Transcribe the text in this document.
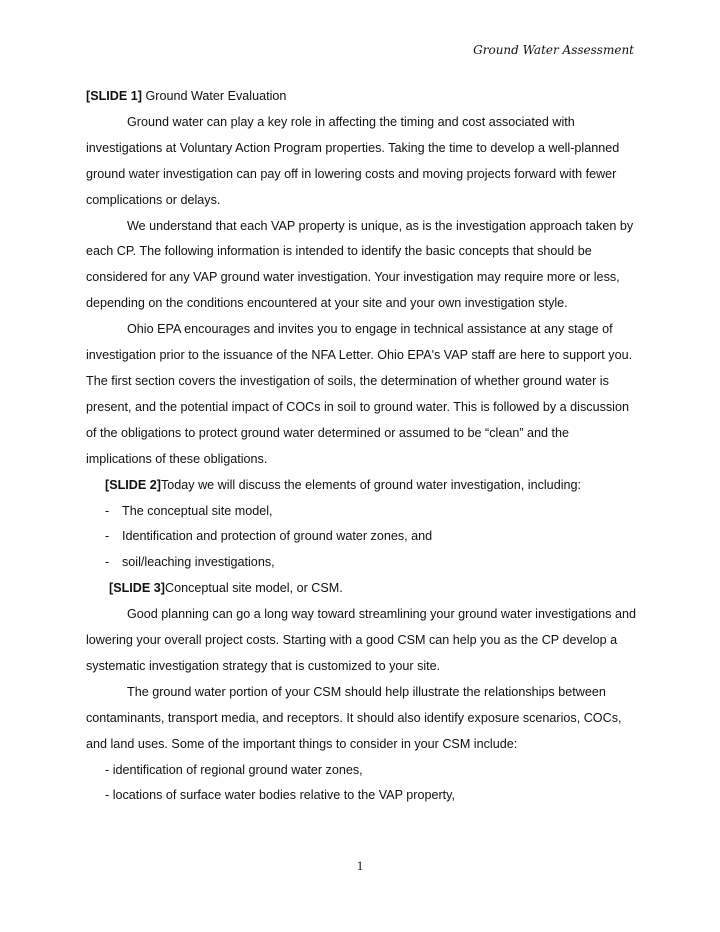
Ground Water Assessment

[SLIDE 1] Ground Water Evaluation

Ground water can play a key role in affecting the timing and cost associated with investigations at Voluntary Action Program properties. Taking the time to develop a well-planned ground water investigation can pay off in lowering costs and moving projects forward with fewer complications or delays.

We understand that each VAP property is unique, as is the investigation approach taken by each CP. The following information is intended to identify the basic concepts that should be considered for any VAP ground water investigation. Your investigation may require more or less, depending on the conditions encountered at your site and your own investigation style.

Ohio EPA encourages and invites you to engage in technical assistance at any stage of investigation prior to the issuance of the NFA Letter. Ohio EPA's VAP staff are here to support you.

The first section covers the investigation of soils, the determination of whether ground water is present, and the potential impact of COCs in soil to ground water. This is followed by a discussion of the obligations to protect ground water determined or assumed to be “clean” and the implications of these obligations.

[SLIDE 2]Today we will discuss the elements of ground water investigation, including:

-	The conceptual site model,

-	Identification and protection of ground water zones, and

-	soil/leaching investigations,

[SLIDE 3]Conceptual site model, or CSM.

Good planning can go a long way toward streamlining your ground water investigations and lowering your overall project costs. Starting with a good CSM can help you as the CP develop a systematic investigation strategy that is customized to your site.

The ground water portion of your CSM should help illustrate the relationships between contaminants, transport media, and receptors. It should also identify exposure scenarios, COCs, and land uses. Some of the important things to consider in your CSM include:

- identification of regional ground water zones,

- locations of surface water bodies relative to the VAP property,

1
